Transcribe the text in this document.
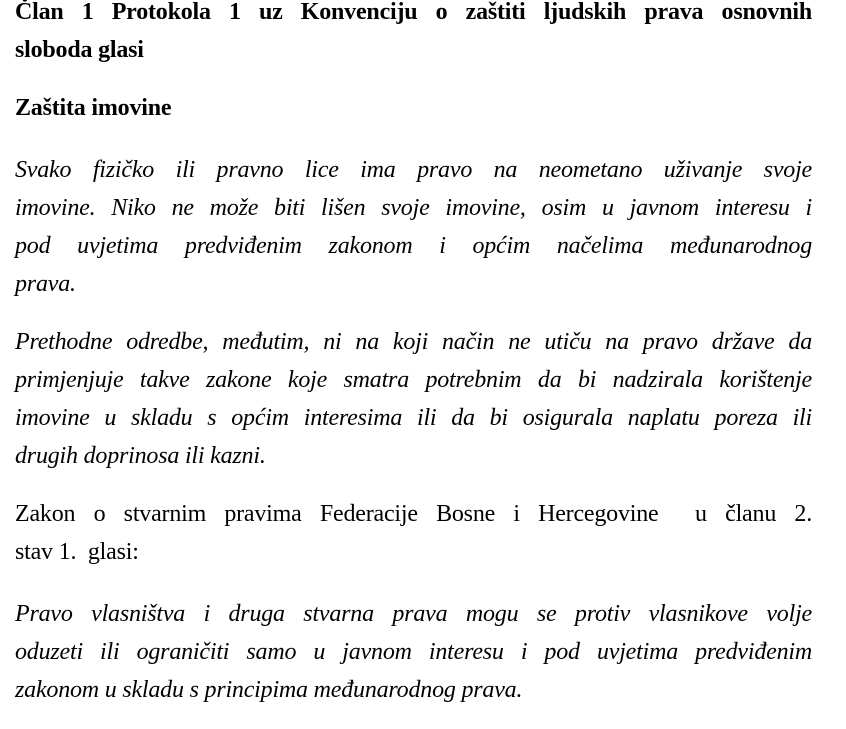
Član 1 Protokola 1 uz Konvenciju o zaštiti ljudskih prava osnovnih
sloboda glasi
Zaštita imovine
Svako fizičko ili pravno lice ima pravo na neometano uživanje svoje
imovine. Niko ne može biti lišen svoje imovine, osim u javnom interesu i
pod uvjetima predviđenim zakonom i općim načelima međunarodnog
prava.
Prethodne odredbe, međutim, ni na koji način ne utiču na pravo države da
primjenjuje takve zakone koje smatra potrebnim da bi nadzirala korištenje
imovine u skladu s općim interesima ili da bi osigurala naplatu poreza ili
drugih doprinosa ili kazni.
Zakon o stvarnim pravima Federacije Bosne i Hercegovine  u članu 2.
stav 1.  glasi:
Pravo vlasništva i druga stvarna prava mogu se protiv vlasnikove volje
oduzeti ili ograničiti samo u javnom interesu i pod uvjetima predviđenim
zakonom u skladu s principima međunarodnog prava.
